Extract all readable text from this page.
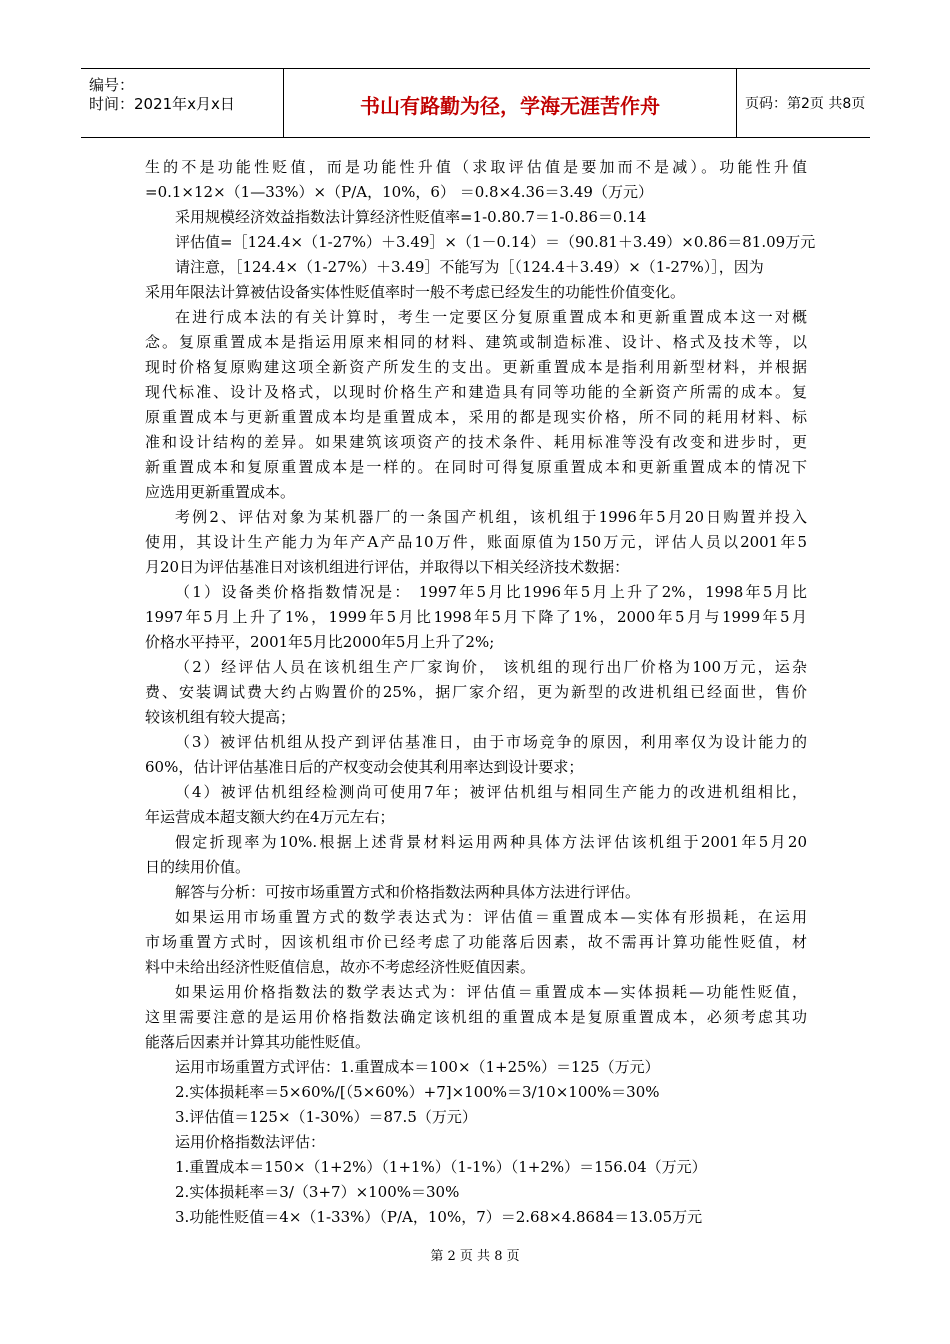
编号：
时间：2021年x月x日	书山有路勤为径，学海无涯苦作舟	页码：第2页 共8页
生的不是功能性贬值，而是功能性升值（求取评估值是要加而不是减）。功能性升值
=0.1×12×（1—33%）×（P/A，10%，6） ＝0.8×4.36＝3.49（万元）
采用规模经济效益指数法计算经济性贬值率=1-0.80.7＝1-0.86＝0.14
评估值=［124.4×（1-27%）＋3.49］×（1－0.14）＝（90.81＋3.49）×0.86＝81.09万元
请注意，［124.4×（1-27%）＋3.49］不能写为［（124.4＋3.49）×（1-27%）］，因为
采用年限法计算被估设备实体性贬值率时一般不考虑已经发生的功能性价值变化。
在进行成本法的有关计算时，考生一定要区分复原重置成本和更新重置成本这一对概
念。复原重置成本是指运用原来相同的材料、建筑或制造标准、设计、格式及技术等，以
现时价格复原购建这项全新资产所发生的支出。更新重置成本是指利用新型材料，并根据
现代标准、设计及格式，以现时价格生产和建造具有同等功能的全新资产所需的成本。复
原重置成本与更新重置成本均是重置成本，采用的都是现实价格，所不同的耗用材料、标
准和设计结构的差异。如果建筑该项资产的技术条件、耗用标准等没有改变和进步时，更
新重置成本和复原重置成本是一样的。在同时可得复原重置成本和更新重置成本的情况下
应选用更新重置成本。
考例2、评估对象为某机器厂的一条国产机组，该机组于1996年5月20日购置并投入
使用，其设计生产能力为年产A产品10万件，账面原值为150万元，评估人员以2001年5
月20日为评估基准日对该机组进行评估，并取得以下相关经济技术数据：
（1）设备类价格指数情况是： 1997年5月比1996年5月上升了2%，1998年5月比
1997年5月上升了1%，1999年5月比1998年5月下降了1%，2000年5月与1999年5月
价格水平持平，2001年5月比2000年5月上升了2%;
（2）经评估人员在该机组生产厂家询价， 该机组的现行出厂价格为100万元，运杂
费、安装调试费大约占购置价的25%，据厂家介绍，更为新型的改进机组已经面世，售价
较该机组有较大提高；
（3）被评估机组从投产到评估基准日，由于市场竞争的原因，利用率仅为设计能力的
60%，估计评估基准日后的产权变动会使其利用率达到设计要求；
（4）被评估机组经检测尚可使用7年；被评估机组与相同生产能力的改进机组相比，
年运营成本超支额大约在4万元左右；
假定折现率为10%.根据上述背景材料运用两种具体方法评估该机组于2001年5月20
日的续用价值。
解答与分析：可按市场重置方式和价格指数法两种具体方法进行评估。
如果运用市场重置方式的数学表达式为：评估值＝重置成本—实体有形损耗，在运用
市场重置方式时，因该机组市价已经考虑了功能落后因素，故不需再计算功能性贬值，材
料中未给出经济性贬值信息，故亦不考虑经济性贬值因素。
如果运用价格指数法的数学表达式为：评估值＝重置成本—实体损耗—功能性贬值，
这里需要注意的是运用价格指数法确定该机组的重置成本是复原重置成本，必须考虑其功
能落后因素并计算其功能性贬值。
运用市场重置方式评估：1.重置成本＝100×（1+25%）＝125（万元）
2.实体损耗率＝5×60%/[（5×60%）+7]×100%＝3/10×100%＝30%
3.评估值＝125×（1-30%）＝87.5（万元）
运用价格指数法评估：
1.重置成本＝150×（1+2%）（1+1%）（1-1%）（1+2%）＝156.04（万元）
2.实体损耗率＝3/（3+7）×100%＝30%
3.功能性贬值＝4×（1-33%）（P/A，10%，7）＝2.68×4.8684＝13.05万元
第 2 页 共 8 页
